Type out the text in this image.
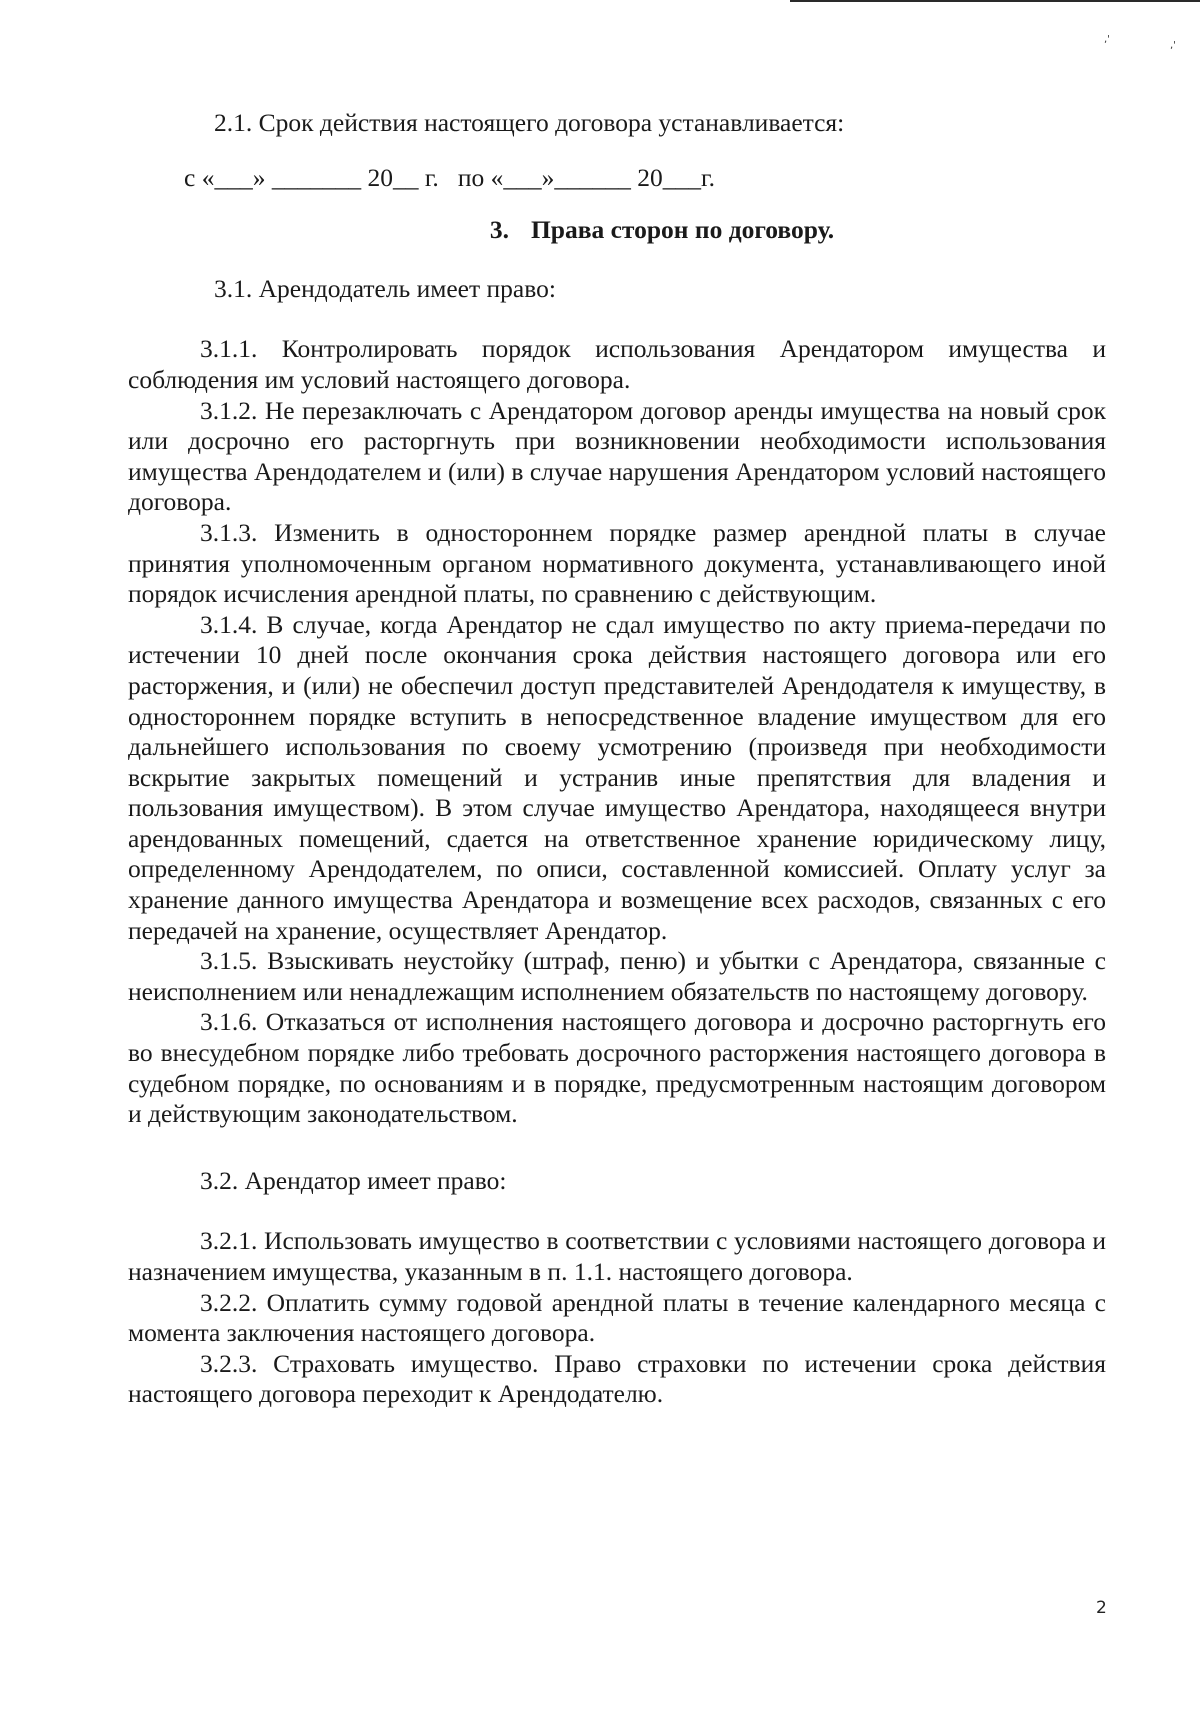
,'
,'

2.1. Срок действия настоящего договора устанавливается:

с «___» _______ 20__ г.   по «___»______ 20___г.

3. Права сторон по договору.

3.1. Арендодатель имеет право:

3.1.1. Контролировать порядок использования Арендатором имущества и соблюдения им условий настоящего договора.

3.1.2. Не перезаключать с Арендатором договор аренды имущества на новый срок или досрочно его расторгнуть при возникновении необходимости использования имущества Арендодателем и (или) в случае нарушения Арендатором условий настоящего договора.

3.1.3. Изменить в одностороннем порядке размер арендной платы в случае принятия уполномоченным органом нормативного документа, устанавливающего иной порядок исчисления арендной платы, по сравнению с действующим.

3.1.4. В случае, когда Арендатор не сдал имущество по акту приема-передачи по истечении 10 дней после окончания срока действия настоящего договора или его расторжения, и (или) не обеспечил доступ представителей Арендодателя к имуществу, в одностороннем порядке вступить в непосредственное владение имуществом для его дальнейшего использования по своему усмотрению (произведя при необходимости вскрытие закрытых помещений и устранив иные препятствия для владения и пользования имуществом). В этом случае имущество Арендатора, находящееся внутри арендованных помещений, сдается на ответственное хранение юридическому лицу, определенному Арендодателем, по описи, составленной комиссией. Оплату услуг за хранение данного имущества Арендатора и возмещение всех расходов, связанных с его передачей на хранение, осуществляет Арендатор.

3.1.5. Взыскивать неустойку (штраф, пеню) и убытки с Арендатора, связанные с неисполнением или ненадлежащим исполнением обязательств по настоящему договору.

3.1.6. Отказаться от исполнения настоящего договора и досрочно расторгнуть его во внесудебном порядке либо требовать досрочного расторжения настоящего договора в судебном порядке, по основаниям и в порядке, предусмотренным настоящим договором и действующим законодательством.

3.2. Арендатор имеет право:

3.2.1. Использовать имущество в соответствии с условиями настоящего договора и назначением имущества, указанным в п. 1.1. настоящего договора.

3.2.2. Оплатить сумму годовой арендной платы в течение календарного месяца с момента заключения настоящего договора.

3.2.3. Страховать имущество. Право страховки по истечении срока действия настоящего договора переходит к Арендодателю.

2
